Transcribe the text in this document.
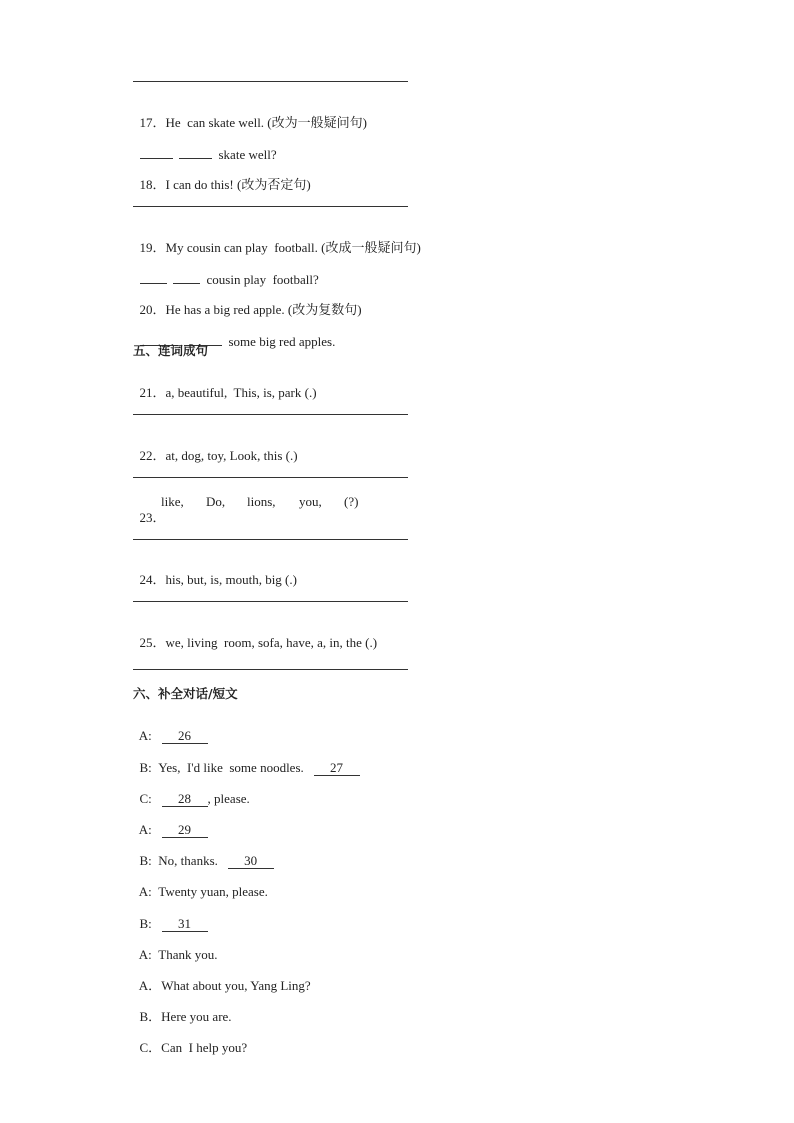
17．He  can skate well. (改为一般疑问句)

skate well?

18．I can do this! (改为否定句)

19．My cousin can play  football. (改成一般疑问句)

cousin play  football?

20．He has a big red apple. (改为复数句)

some big red apples.

五、连词成句

21．a, beautiful,  This, is, park (.)

22．at, dog, toy, Look, this (.)

23．

like, Do, lions, you, (?)

24．his, but, is, mouth, big (.)

25．we, living  room, sofa, have, a, in, the (.)

六、补全对话/短文

A: 26

B: Yes,  I'd like  some noodles. 27

C: 28 , please.

A: 29

B: No, thanks. 30

A: Twenty yuan, please.

B: 31

A: Thank you.

A．What about you, Yang Ling?

B．Here you are.

C．Can  I help you?
